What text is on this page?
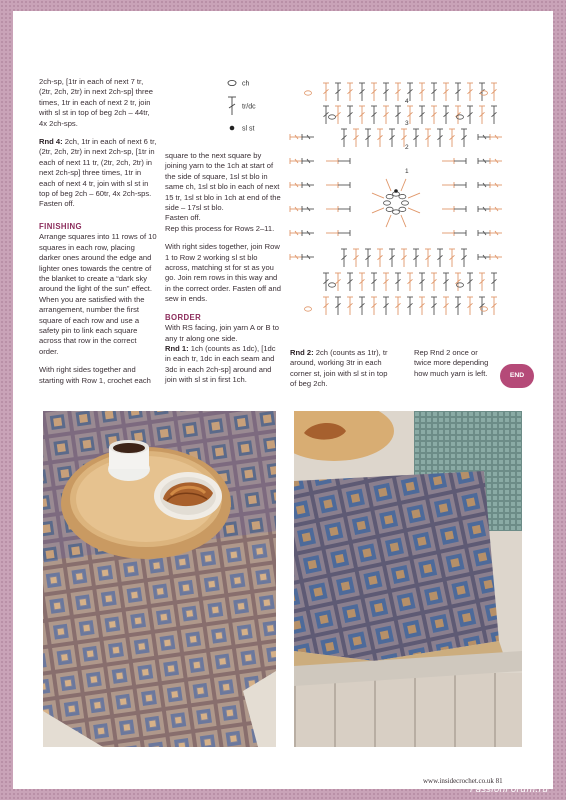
2ch-sp, [1tr in each of next 7 tr, (2tr, 2ch, 2tr) in next 2ch-sp] three times, 1tr in each of next 2 tr, join with sl st in top of beg 2ch – 44tr, 4x 2ch-sps.

Rnd 4: 2ch, 1tr in each of next 6 tr, (2tr, 2ch, 2tr) in next 2ch-sp, [1tr in each of next 11 tr, (2tr, 2ch, 2tr) in next 2ch-sp] three times, 1tr in each of next 4 tr, join with sl st in top of beg 2ch – 60tr, 4x 2ch-sps.

Fasten off.

FINISHING

Arrange squares into 11 rows of 10 squares in each row, placing darker ones around the edge and lighter ones towards the centre of the blanket to create a “dark sky around the light of the sun” effect. When you are satisfied with the arrangement, number the first square of each row and use a safety pin to link each square across that row in the correct order.

With right sides together and starting with Row 1, crochet each

square to the next square by joining yarn to the 1ch at start of the side of square, 1sl st blo in same ch, 1sl st blo in each of next 15 tr, 1sl st blo in 1ch at end of the side – 17sl st blo.

Fasten off.

Rep this process for Rows 2–11.

With right sides together, join Row 1 to Row 2 working sl st blo across, matching st for st as you go. Join rem rows in this way and in the correct order. Fasten off and sew in ends.

BORDER

With RS facing, join yarn A or B to any tr along one side.

Rnd 1: 1ch (counts as 1dc), [1dc in each tr, 1dc in each seam and 3dc in each 2ch-sp] around and join with sl st in first 1ch.

Rnd 2: 2ch (counts as 1tr), tr around, working 3tr in each corner st, join with sl st in top of beg 2ch.

Rep Rnd 2 once or twice more depending how much yarn is left.	END
ch
tr/dc
sl st
4
3
2
1
www.insidecrochet.co.uk 81
PassionForum.ru
